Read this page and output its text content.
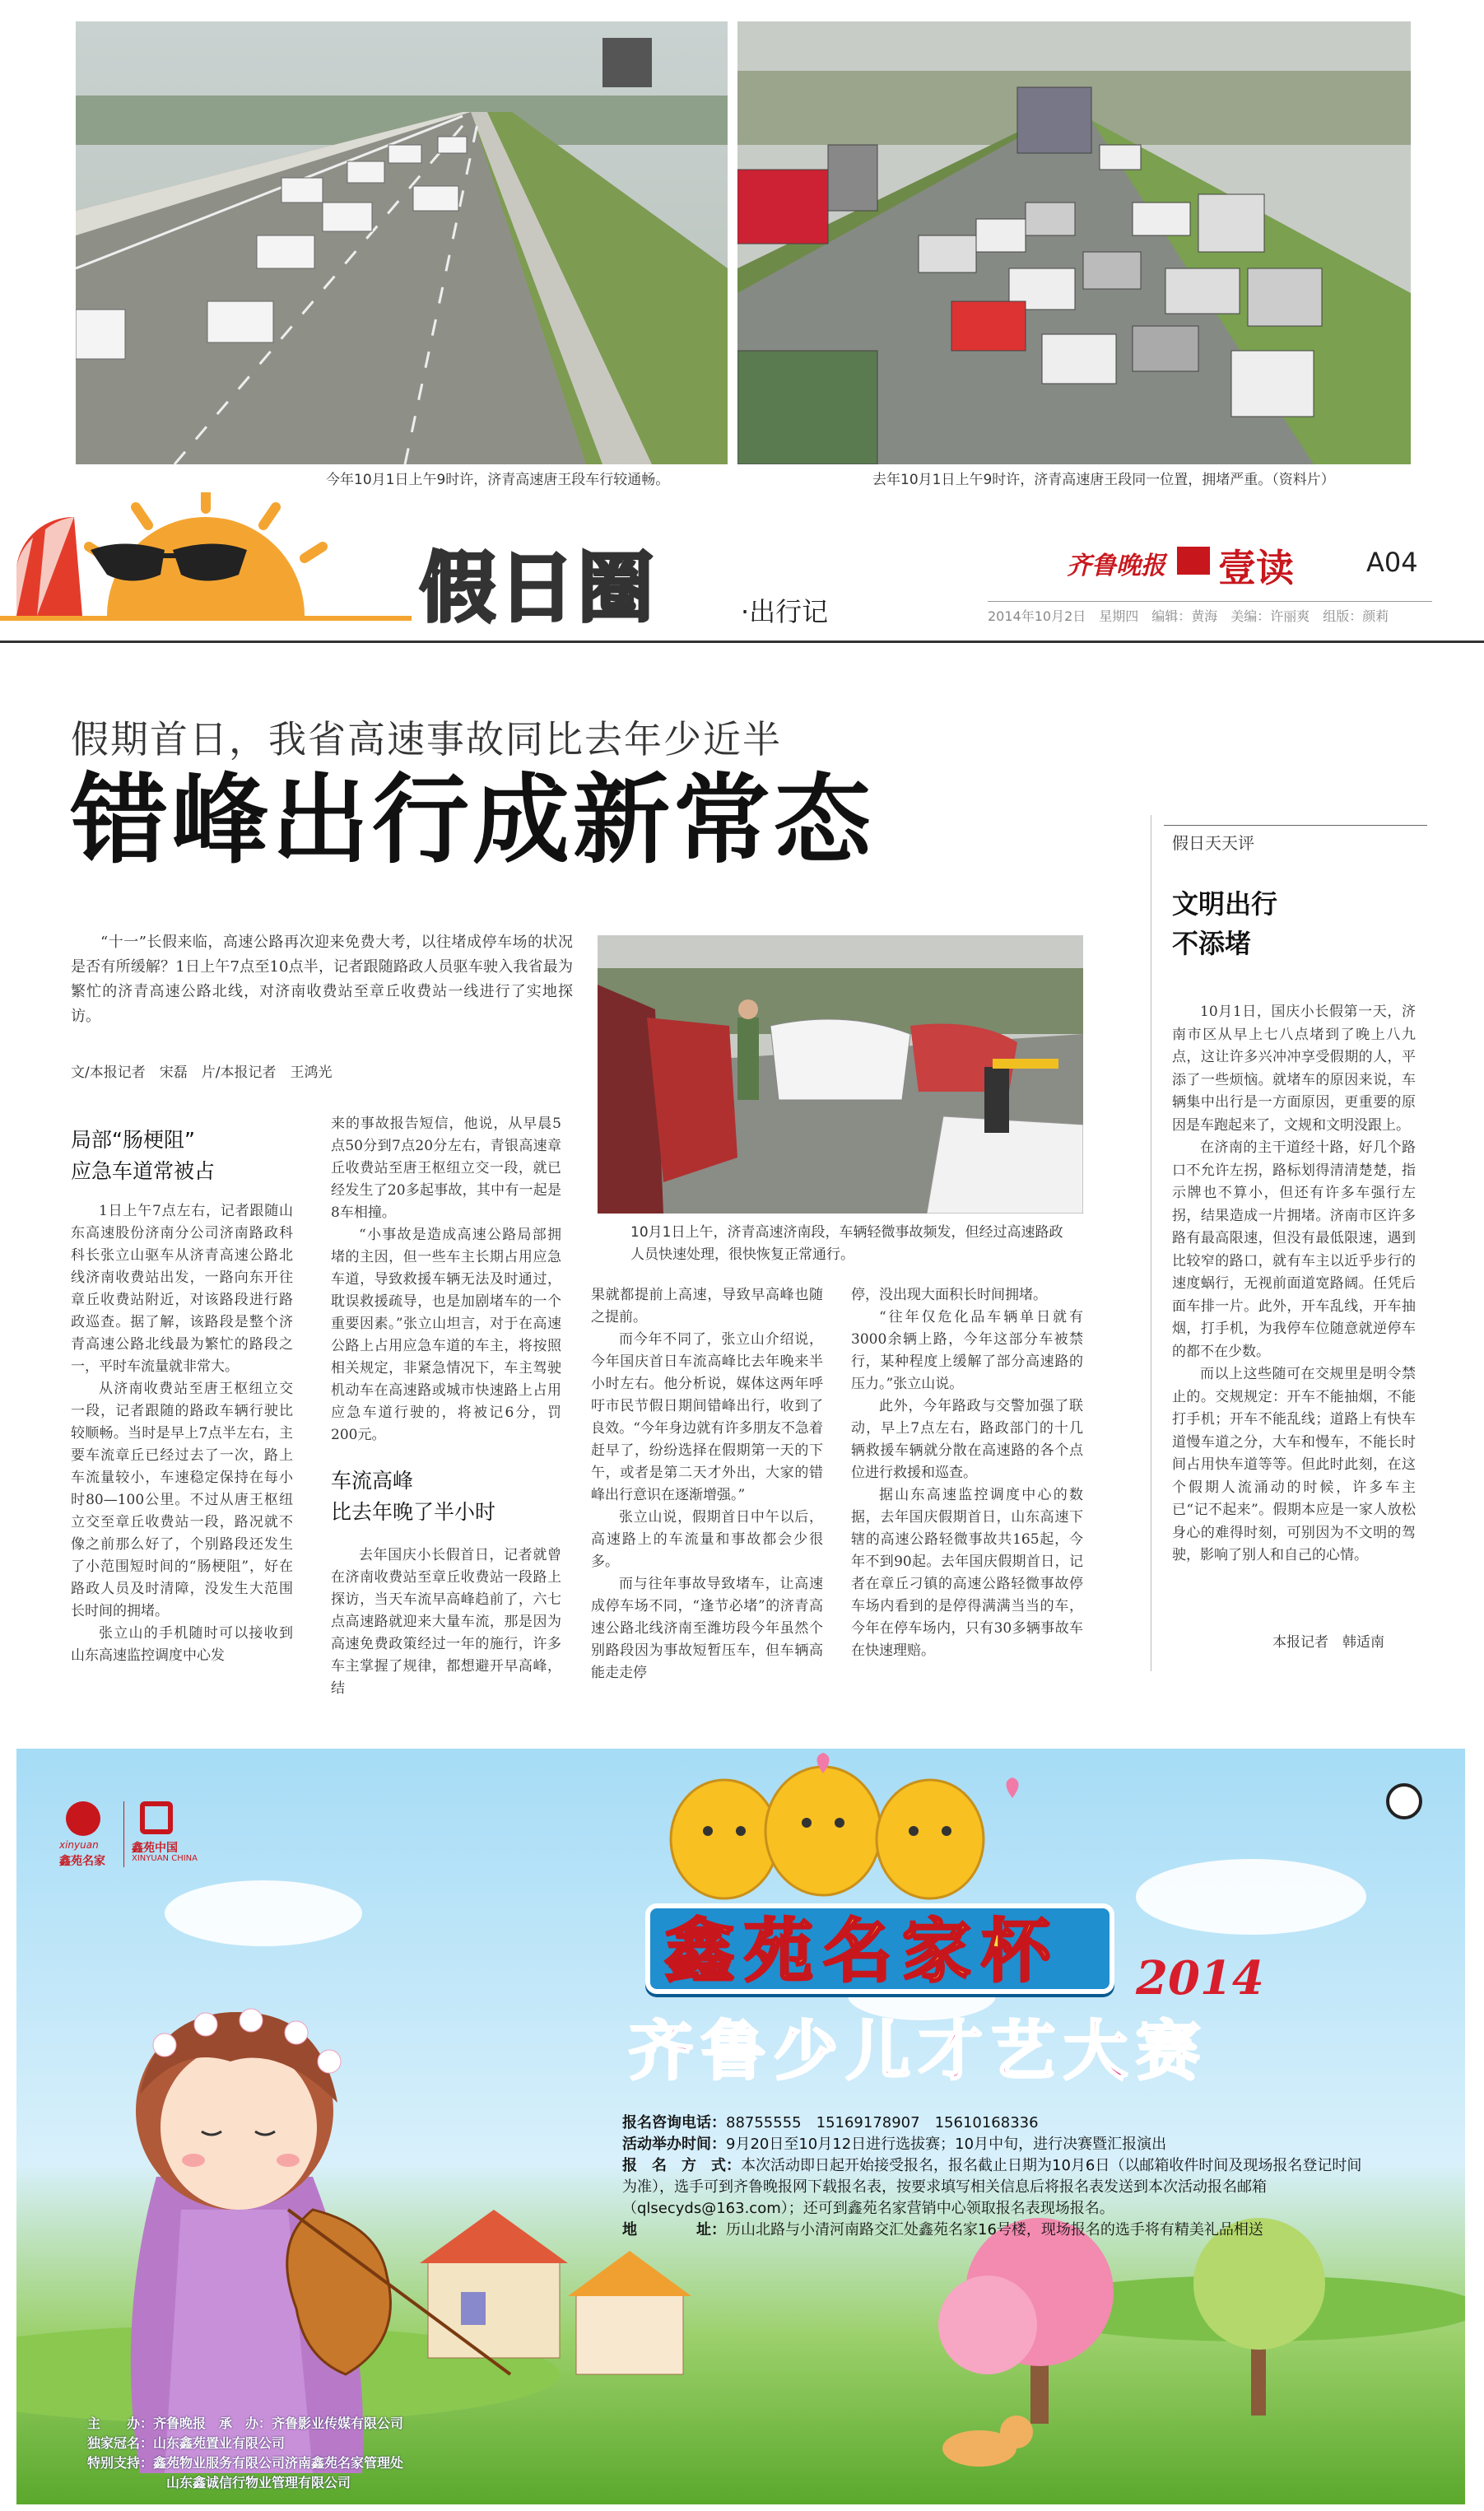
今年10月1日上午9时许，济青高速唐王段车行较通畅。	去年10月1日上午9时许，济青高速唐王段同一位置，拥堵严重。（资料片）
假日圈	·出行记
齐鲁晚报 壹读	A04
2014年10月2日　星期四　编辑：黄海　美编：许丽爽　组版：颜莉
假期首日，我省高速事故同比去年少近半
错峰出行成新常态
“十一”长假来临，高速公路再次迎来免费大考，以往堵成停车场的状况是否有所缓解？1日上午7点至10点半，记者跟随路政人员驱车驶入我省最为繁忙的济青高速公路北线，对济南收费站至章丘收费站一线进行了实地探访。
文/本报记者　宋磊　片/本报记者　王鸿光
10月1日上午，济青高速济南段，车辆轻微事故频发，但经过高速路政人员快速处理，很快恢复正常通行。
局部“肠梗阻”
应急车道常被占

1日上午7点左右，记者跟随山东高速股份济南分公司济南路政科科长张立山驱车从济青高速公路北线济南收费站出发，一路向东开往章丘收费站附近，对该路段进行路政巡查。据了解，该路段是整个济青高速公路北线最为繁忙的路段之一，平时车流量就非常大。

从济南收费站至唐王枢纽立交一段，记者跟随的路政车辆行驶比较顺畅。当时是早上7点半左右，主要车流章丘已经过去了一次，路上车流量较小，车速稳定保持在每小时80—100公里。不过从唐王枢纽立交至章丘收费站一段，路况就不像之前那么好了，个别路段还发生了小范围短时间的“肠梗阻”，好在路政人员及时清障，没发生大范围长时间的拥堵。

张立山的手机随时可以接收到山东高速监控调度中心发

来的事故报告短信，他说，从早晨5点50分到7点20分左右，青银高速章丘收费站至唐王枢纽立交一段，就已经发生了20多起事故，其中有一起是8车相撞。

“小事故是造成高速公路局部拥堵的主因，但一些车主长期占用应急车道，导致救援车辆无法及时通过，耽误救援疏导，也是加剧堵车的一个重要因素。”张立山坦言，对于在高速公路上占用应急车道的车主，将按照相关规定，非紧急情况下，车主驾驶机动车在高速路或城市快速路上占用应急车道行驶的，将被记6分，罚200元。

车流高峰
比去年晚了半小时

去年国庆小长假首日，记者就曾在济南收费站至章丘收费站一段路上探访，当天车流早高峰趋前了，六七点高速路就迎来大量车流，那是因为高速免费政策经过一年的施行，许多车主掌握了规律，都想避开早高峰，结

果就都提前上高速，导致早高峰也随之提前。

而今年不同了，张立山介绍说，今年国庆首日车流高峰比去年晚来半小时左右。他分析说，媒体这两年呼吁市民节假日期间错峰出行，收到了良效。“今年身边就有许多朋友不急着赶早了，纷纷选择在假期第一天的下午，或者是第二天才外出，大家的错峰出行意识在逐渐增强。”

张立山说，假期首日中午以后，高速路上的车流量和事故都会少很多。

而与往年事故导致堵车，让高速成停车场不同，“逢节必堵”的济青高速公路北线济南至潍坊段今年虽然个别路段因为事故短暂压车，但车辆高能走走停

停，没出现大面积长时间拥堵。

“往年仅危化品车辆单日就有3000余辆上路，今年这部分车被禁行，某种程度上缓解了部分高速路的压力。”张立山说。

此外，今年路政与交警加强了联动，早上7点左右，路政部门的十几辆救援车辆就分散在高速路的各个点位进行救援和巡查。

据山东高速监控调度中心的数据，去年国庆假期首日，山东高速下辖的高速公路轻微事故共165起，今年不到90起。去年国庆假期首日，记者在章丘刁镇的高速公路轻微事故停车场内看到的是停得满满当当的车，今年在停车场内，只有30多辆事故车在快速理赔。

假日天天评
文明出行
不添堵

10月1日，国庆小长假第一天，济南市区从早上七八点堵到了晚上八九点，这让许多兴冲冲享受假期的人，平添了一些烦恼。就堵车的原因来说，车辆集中出行是一方面原因，更重要的原因是车跑起来了，文规和文明没跟上。

在济南的主干道经十路，好几个路口不允许左拐，路标划得清清楚楚，指示牌也不算小，但还有许多车强行左拐，结果造成一片拥堵。济南市区许多路有最高限速，但没有最低限速，遇到比较窄的路口，就有车主以近乎步行的速度蜗行，无视前面道宽路阔。任凭后面车排一片。此外，开车乱线，开车抽烟，打手机，为我停车位随意就逆停车的都不在少数。

而以上这些随可在交规里是明令禁止的。交规规定：开车不能抽烟，不能打手机；开车不能乱线；道路上有快车道慢车道之分，大车和慢车，不能长时间占用快车道等等。但此时此刻，在这个假期人流涌动的时候，许多车主已“记不起来”。假期本应是一家人放松身心的难得时刻，可别因为不文明的驾驶，影响了别人和自己的心情。

本报记者　韩适南
xinyuan
鑫苑名家
鑫苑中国
XINYUAN CHINA
鑫苑名家杯 2014
齐鲁少儿才艺大赛
报名咨询电话：88755555　15169178907　15610168336
活动举办时间：9月20日至10月12日进行选拔赛；10月中旬，进行决赛暨汇报演出
报　名　方　式：本次活动即日起开始接受报名，报名截止日期为10月6日（以邮箱收件时间及现场报名登记时间为准），选手可到齐鲁晚报网下载报名表，按要求填写相关信息后将报名表发送到本次活动报名邮箱（qlsecyds@163.com）；还可到鑫苑名家营销中心领取报名表现场报名。
地　　　　址：历山北路与小清河南路交汇处鑫苑名家16号楼，现场报名的选手将有精美礼品相送
主　　办：齐鲁晚报　承　办：齐鲁影业传媒有限公司
独家冠名：山东鑫苑置业有限公司
特别支持：鑫苑物业服务有限公司济南鑫苑名家管理处
山东鑫诚信行物业管理有限公司
